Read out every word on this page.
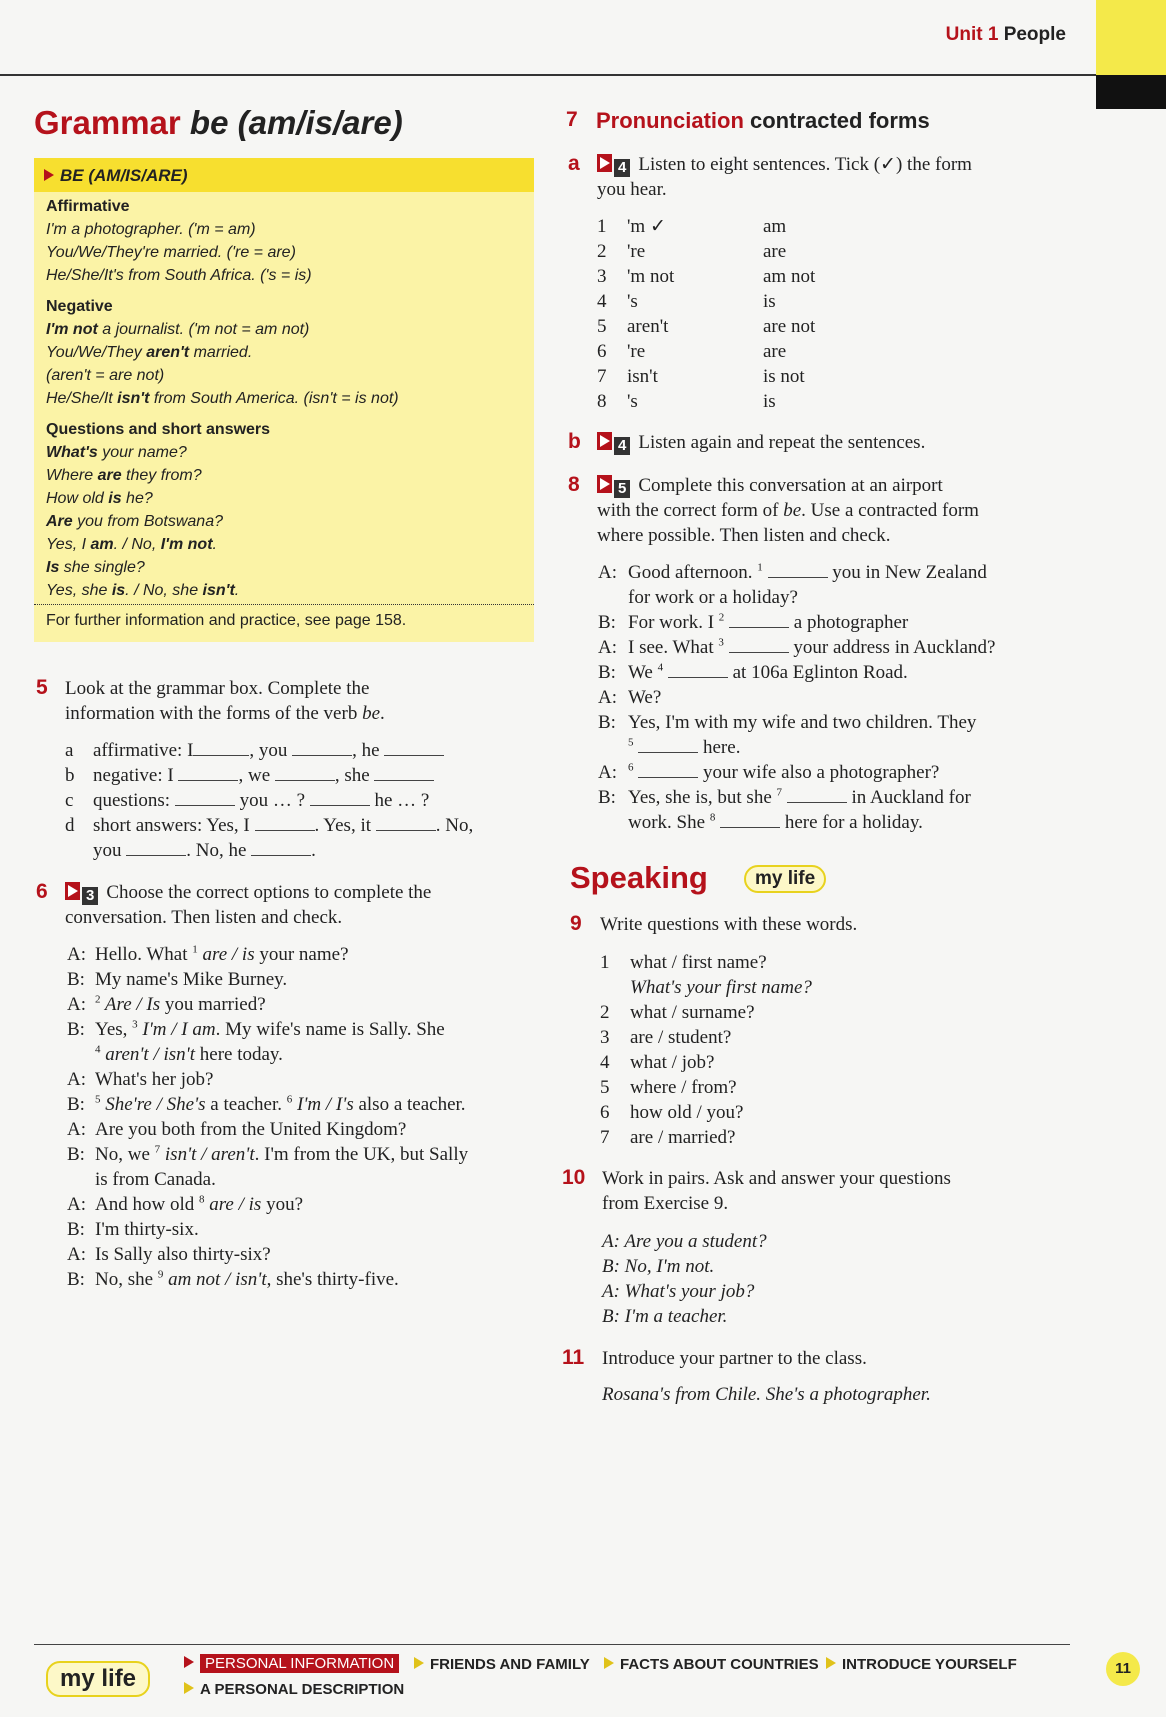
Unit 1 People
Grammar be (am/is/are)
BE (AM/IS/ARE)
Affirmative
I'm a photographer. ('m = am)
You/We/They're married. ('re = are)
He/She/It's from South Africa. ('s = is)
Negative
I'm not a journalist. ('m not = am not)
You/We/They aren't married.
(aren't = are not)
He/She/It isn't from South America. (isn't = is not)
Questions and short answers
What's your name?
Where are they from?
How old is he?
Are you from Botswana?
Yes, I am. / No, I'm not.
Is she single?
Yes, she is. / No, she isn't.
For further information and practice, see page 158.
5 Look at the grammar box. Complete the
information with the forms of the verb be.
a affirmative: I	, you	, he
b negative: I	, we	, she
c questions:	you … ?	he … ?
d short answers: Yes, I	. Yes, it	. No,
you	. No, he	.
6	3 Choose the correct options to complete the
conversation. Then listen and check.
A: Hello. What $^1$ are / is your name?
B: My name's Mike Burney.
A: $^2$ Are / Is you married?
B: Yes, $^3$ I'm / I am. My wife's name is Sally. She
$^4$ aren't / isn't here today.
A: What's her job?
B: $^5$ She're / She's a teacher. $^6$ I'm / I's also a teacher.
A: Are you both from the United Kingdom?
B: No, we $^7$ isn't / aren't. I'm from the UK, but Sally
is from Canada.
A: And how old $^8$ are / is you?
B: I'm thirty-six.
A: Is Sally also thirty-six?
B: No, she $^9$ am not / isn't, she's thirty-five.
7 Pronunciation contracted forms
a	4 Listen to eight sentences. Tick (✓) the form
you hear.
1 'm ✓	am
2 're	are
3 'm not	am not
4 's	is
5 aren't	are not
6 're	are
7 isn't	is not
8 's	is
b	4 Listen again and repeat the sentences.
8	5 Complete this conversation at an airport
with the correct form of be. Use a contracted form
where possible. Then listen and check.
A: Good afternoon. $^1$	you in New Zealand
for work or a holiday?
B: For work. I $^2$	a photographer
A: I see. What $^3$	your address in Auckland?
B: We $^4$	at 106a Eglinton Road.
A: We?
B: Yes, I'm with my wife and two children. They
$^5$	here.
A: $^6$	your wife also a photographer?
B: Yes, she is, but she $^7$	in Auckland for
work. She $^8$	here for a holiday.
Speaking	my life
9 Write questions with these words.
1 what / first name?
What's your first name?
2 what / surname?
3 are / student?
4 what / job?
5 where / from?
6 how old / you?
7 are / married?
10 Work in pairs. Ask and answer your questions
from Exercise 9.
A: Are you a student?
B: No, I'm not.
A: What's your job?
B: I'm a teacher.
11 Introduce your partner to the class.
Rosana's from Chile. She's a photographer.
my life
PERSONAL INFORMATION	FRIENDS AND FAMILY	FACTS ABOUT COUNTRIES	INTRODUCE YOURSELF
A PERSONAL DESCRIPTION
11
